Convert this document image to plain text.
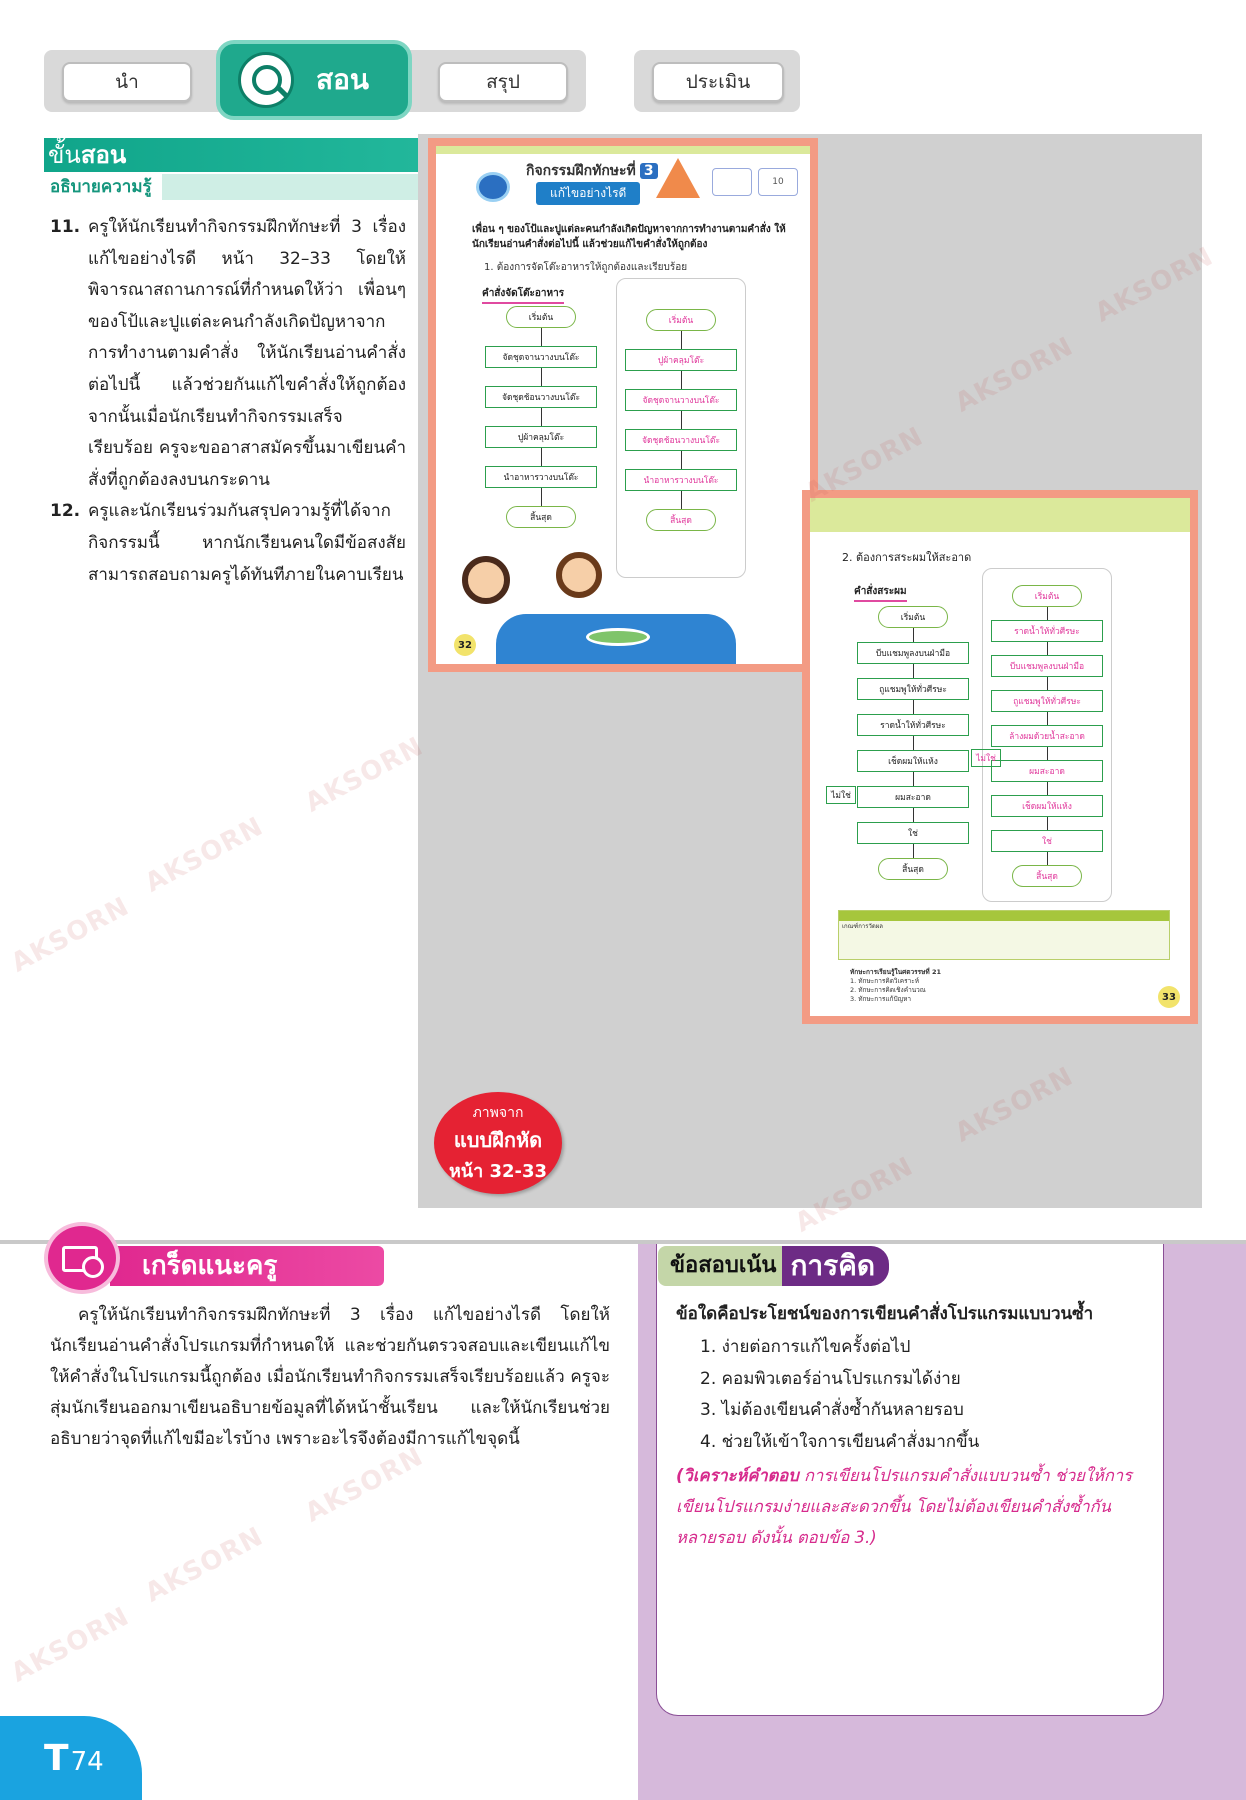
นำ	สอน	สรุป	ประเมิน
ขั้นสอน
อธิบายความรู้
11. ครูให้นักเรียนทำกิจกรรมฝึกทักษะที่ 3 เรื่อง แก้ไขอย่างไรดี หน้า 32–33 โดยให้พิจารณาสถานการณ์ที่กำหนดให้ว่า เพื่อนๆ ของโป้และปูแต่ละคนกำลังเกิดปัญหาจากการทำงานตามคำสั่ง ให้นักเรียนอ่านคำสั่งต่อไปนี้ แล้วช่วยกันแก้ไขคำสั่งให้ถูกต้อง จากนั้นเมื่อนักเรียนทำกิจกรรมเสร็จเรียบร้อย ครูจะขออาสาสมัครขึ้นมาเขียนคำสั่งที่ถูกต้องลงบนกระดาน
12. ครูและนักเรียนร่วมกันสรุปความรู้ที่ได้จากกิจกรรมนี้ หากนักเรียนคนใดมีข้อสงสัยสามารถสอบถามครูได้ทันทีภายในคาบเรียน
กิจกรรมฝึกทักษะที่ 3
แก้ไขอย่างไรดี

10
เพื่อน ๆ ของโป้และปูแต่ละคนกำลังเกิดปัญหาจากการทำงานตามคำสั่ง ให้นักเรียนอ่านคำสั่งต่อไปนี้ แล้วช่วยแก้ไขคำสั่งให้ถูกต้อง
1. ต้องการจัดโต๊ะอาหารให้ถูกต้องและเรียบร้อย
คำสั่งจัดโต๊ะอาหาร
เริ่มต้น
จัดชุดจานวางบนโต๊ะ
จัดชุดช้อนวางบนโต๊ะ
ปูผ้าคลุมโต๊ะ
นำอาหารวางบนโต๊ะ
สิ้นสุด
เริ่มต้น
ปูผ้าคลุมโต๊ะ
จัดชุดจานวางบนโต๊ะ
จัดชุดช้อนวางบนโต๊ะ
นำอาหารวางบนโต๊ะ
สิ้นสุด
32
2. ต้องการสระผมให้สะอาด
คำสั่งสระผม
เริ่มต้น
บีบแชมพูลงบนฝ่ามือ
ถูแชมพูให้ทั่วศีรษะ
ราดน้ำให้ทั่วศีรษะ
เช็ดผมให้แห้ง
ผมสะอาด
ใช่
สิ้นสุด
ไม่ใช่
เริ่มต้น
ราดน้ำให้ทั่วศีรษะ
บีบแชมพูลงบนฝ่ามือ
ถูแชมพูให้ทั่วศีรษะ
ล้างผมด้วยน้ำสะอาด
ผมสะอาด
เช็ดผมให้แห้ง
ใช่
สิ้นสุด
ไม่ใช่
เกณฑ์การวัดผล
ทักษะการเรียนรู้ในศตวรรษที่ 21
1. ทักษะการคิดวิเคราะห์
2. ทักษะการคิดเชิงคำนวณ
3. ทักษะการแก้ปัญหา	33
ภาพจาก
แบบฝึกหัด
หน้า 32-33
AKSORN
AKSORN
AKSORN
AKSORN
AKSORN
AKSORN
เกร็ดแนะครู
ครูให้นักเรียนทำกิจกรรมฝึกทักษะที่ 3 เรื่อง แก้ไขอย่างไรดี โดยให้นักเรียนอ่านคำสั่งโปรแกรมที่กำหนดให้ และช่วยกันตรวจสอบและเขียนแก้ไขให้คำสั่งในโปรแกรมนี้ถูกต้อง เมื่อนักเรียนทำกิจกรรมเสร็จเรียบร้อยแล้ว ครูจะสุ่มนักเรียนออกมาเขียนอธิบายข้อมูลที่ได้หน้าชั้นเรียน และให้นักเรียนช่วยอธิบายว่าจุดที่แก้ไขมีอะไรบ้าง เพราะอะไรจึงต้องมีการแก้ไขจุดนี้
ข้อสอบเน้น การคิด
ข้อใดคือประโยชน์ของการเขียนคำสั่งโปรแกรมแบบวนซ้ำ
1. ง่ายต่อการแก้ไขครั้งต่อไป
2. คอมพิวเตอร์อ่านโปรแกรมได้ง่าย
3. ไม่ต้องเขียนคำสั่งซ้ำกันหลายรอบ
4. ช่วยให้เข้าใจการเขียนคำสั่งมากขึ้น
(วิเคราะห์คำตอบ การเขียนโปรแกรมคำสั่งแบบวนซ้ำ ช่วยให้การเขียนโปรแกรมง่ายและสะดวกขึ้น โดยไม่ต้องเขียนคำสั่งซ้ำกันหลายรอบ ดังนั้น ตอบข้อ 3.)
T 74
